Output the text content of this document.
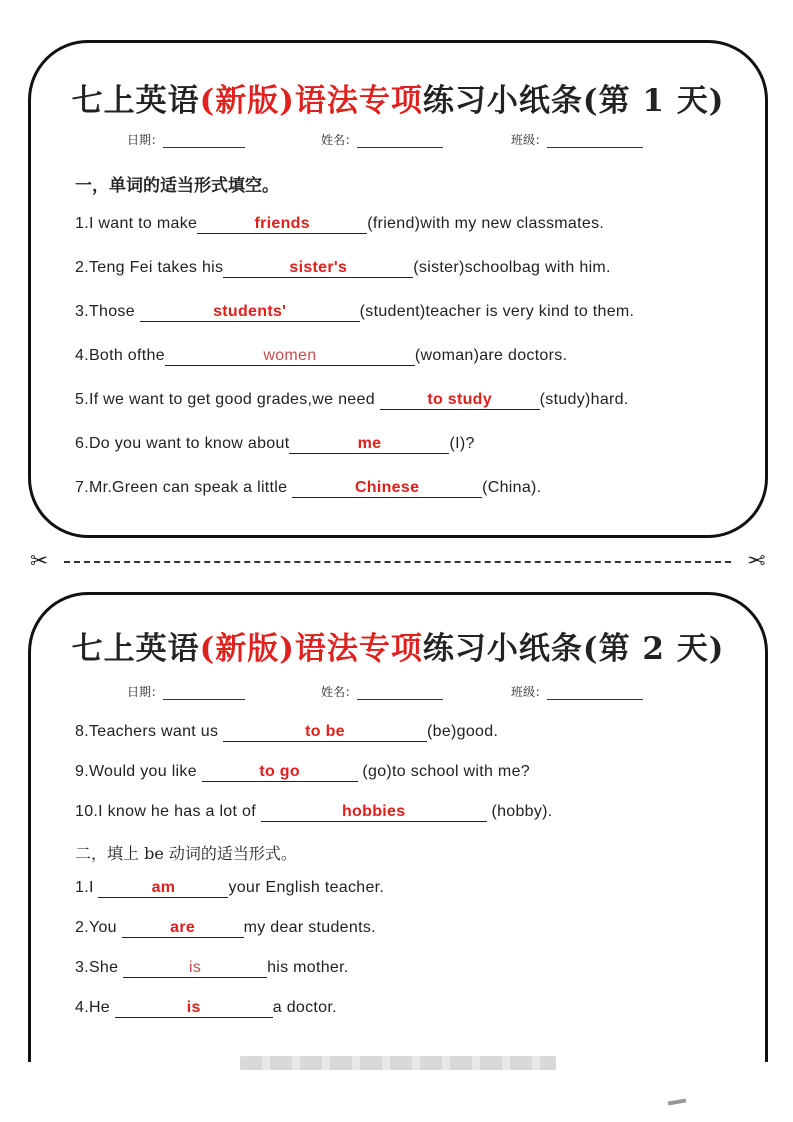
七上英语(新版)语法专项练习小纸条(第 1 天)
日期：	姓名：	班级：
一，单词的适当形式填空。
1.I want to make	friends	(friend)with my new classmates.
2.Teng Fei takes his	sister's	(sister)schoolbag with him.
3.Those	students'	(student)teacher is very kind to them.
4.Both ofthe	women	(woman)are doctors.
5.If we want to get good grades,we need	to study	(study)hard.
6.Do you want to know about	me	(I)?
7.Mr.Green can speak a little	Chinese	(China).
✂	✂
七上英语(新版)语法专项练习小纸条(第 2 天)
日期：	姓名：	班级：
8.Teachers want us	to be	(be)good.
9.Would you like	to go	(go)to school with me?
10.I know he has a lot of	hobbies	(hobby).
二，填上 be 动词的适当形式。
1.I	am	your English teacher.
2.You	are	my dear students.
3.She	is	his mother.
4.He	is	a doctor.
